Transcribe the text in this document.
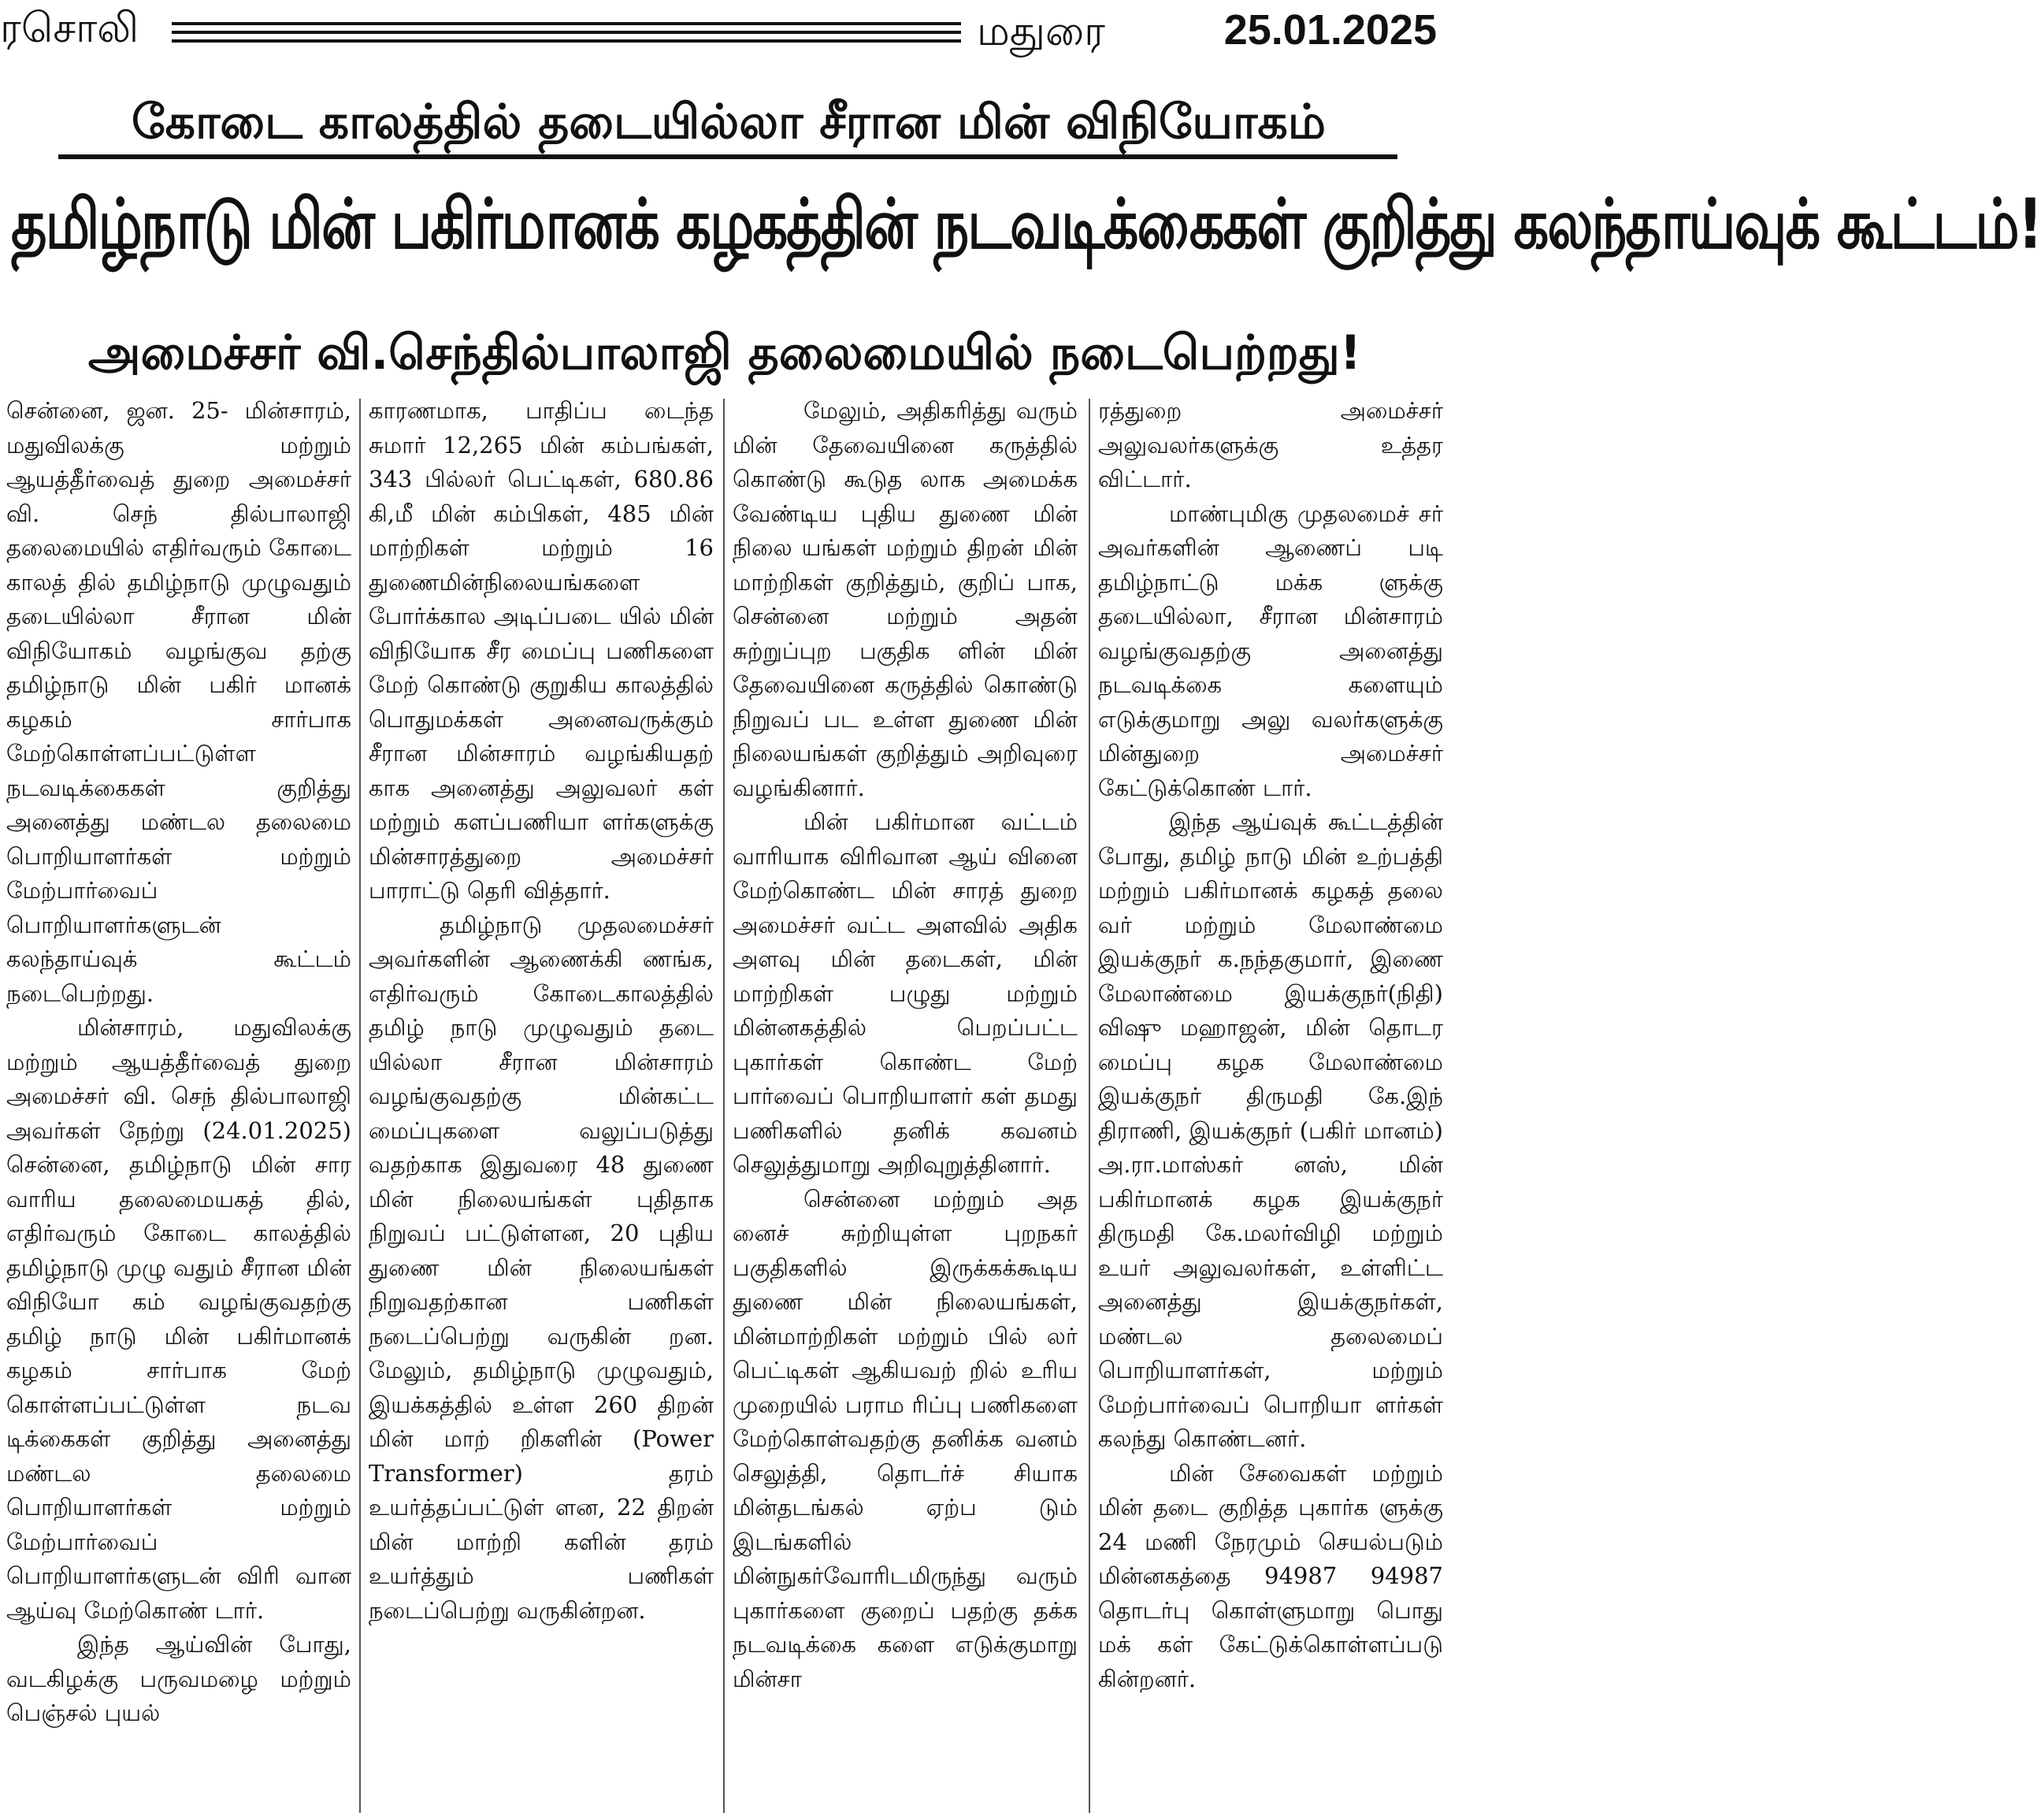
ரசொலி	மதுரை	25.01.2025
கோடை காலத்தில் தடையில்லா சீரான மின் விநியோகம்
தமிழ்நாடு மின் பகிர்மானக் கழகத்தின் நடவடிக்கைகள் குறித்து கலந்தாய்வுக் கூட்டம்!
அமைச்சர் வி.செந்தில்பாலாஜி தலைமையில் நடைபெற்றது!

சென்னை, ஜன. 25- மின்சாரம், மதுவிலக்கு மற்றும் ஆயத்தீர்வைத் துறை அமைச்சர் வி. செந் தில்பாலாஜி தலைமையில் எதிர்வரும் கோடை காலத் தில் தமிழ்நாடு முழுவதும் தடையில்லா சீரான மின் விநியோகம் வழங்குவ தற்கு தமிழ்நாடு மின் பகிர் மானக் கழகம் சார்பாக மேற்கொள்ளப்பட்டுள்ள நடவடிக்கைகள் குறித்து அனைத்து மண்டல தலைமை பொறியாளர்கள் மற்றும் மேற்பார்வைப் பொறியாளர்களுடன் கலந்தாய்வுக் கூட்டம் நடைபெற்றது.

மின்சாரம், மதுவிலக்கு மற்றும் ஆயத்தீர்வைத் துறை அமைச்சர் வி. செந் தில்பாலாஜி அவர்கள் நேற்று (24.01.2025) சென்னை, தமிழ்நாடு மின் சார வாரிய தலைமையகத் தில், எதிர்வரும் கோடை காலத்தில் தமிழ்நாடு முழு வதும் சீரான மின் விநியோ கம் வழங்குவதற்கு தமிழ் நாடு மின் பகிர்மானக் கழகம் சார்பாக மேற் கொள்ளப்பட்டுள்ள நடவ டிக்கைகள் குறித்து அனைத்து மண்டல தலைமை பொறியாளர்கள் மற்றும் மேற்பார்வைப் பொறியாளர்களுடன் விரி வான ஆய்வு மேற்கொண் டார்.

இந்த ஆய்வின் போது, வடகிழக்கு பருவமழை மற்றும் பெஞ்சல் புயல்

காரணமாக, பாதிப்ப டைந்த சுமார் 12,265 மின் கம்பங்கள், 343 பில்லர் பெட்டிகள், 680.86 கி,மீ மின் கம்பிகள், 485 மின் மாற்றிகள் மற்றும் 16 துணைமின்நிலையங்களை போர்க்கால அடிப்படை யில் மின் விநியோக சீர மைப்பு பணிகளை மேற் கொண்டு குறுகிய காலத்தில் பொதுமக்கள் அனைவருக்கும் சீரான மின்சாரம் வழங்கியதற் காக அனைத்து அலுவலர் கள் மற்றும் களப்பணியா ளர்களுக்கு மின்சாரத்துறை அமைச்சர் பாராட்டு தெரி வித்தார்.

தமிழ்நாடு முதலமைச்சர் அவர்களின் ஆணைக்கி ணங்க, எதிர்வரும் கோடைகாலத்தில் தமிழ் நாடு முழுவதும் தடை யில்லா சீரான மின்சாரம் வழங்குவதற்கு மின்கட்ட மைப்புகளை வலுப்படுத்து வதற்காக இதுவரை 48 துணை மின் நிலையங்கள் புதிதாக நிறுவப் பட்டுள்ளன, 20 புதிய துணை மின் நிலையங்கள் நிறுவதற்கான பணிகள் நடைப்பெற்று வருகின் றன. மேலும், தமிழ்நாடு முழுவதும், இயக்கத்தில் உள்ள 260 திறன் மின் மாற் றிகளின் (Power Transformer) தரம் உயர்த்தப்பட்டுள் ளன, 22 திறன் மின் மாற்றி களின் தரம் உயர்த்தும் பணிகள் நடைப்பெற்று வருகின்றன.

மேலும், அதிகரித்து வரும் மின் தேவையினை கருத்தில் கொண்டு கூடுத லாக அமைக்க வேண்டிய புதிய துணை மின் நிலை யங்கள் மற்றும் திறன் மின் மாற்றிகள் குறித்தும், குறிப் பாக, சென்னை மற்றும் அதன் சுற்றுப்புற பகுதிக ளின் மின் தேவையினை கருத்தில் கொண்டு நிறுவப் பட உள்ள துணை மின் நிலையங்கள் குறித்தும் அறிவுரை வழங்கினார்.

மின் பகிர்மான வட்டம் வாரியாக விரிவான ஆய் வினை மேற்கொண்ட மின் சாரத் துறை அமைச்சர் வட்ட அளவில் அதிக அளவு மின் தடைகள், மின் மாற்றிகள் பழுது மற்றும் மின்னகத்தில் பெறப்பட்ட புகார்கள் கொண்ட மேற் பார்வைப் பொறியாளர் கள் தமது பணிகளில் தனிக் கவனம் செலுத்துமாறு அறிவுறுத்தினார்.

சென்னை மற்றும் அத னைச் சுற்றியுள்ள புறநகர் பகுதிகளில் இருக்கக்கூடிய துணை மின் நிலையங்கள், மின்மாற்றிகள் மற்றும் பில் லர் பெட்டிகள் ஆகியவற் றில் உரிய முறையில் பராம ரிப்பு பணிகளை மேற்கொள்வதற்கு தனிக்க வனம் செலுத்தி, தொடர்ச் சியாக மின்தடங்கல் ஏற்ப டும் இடங்களில் மின்நுகர்வோரிடமிருந்து வரும் புகார்களை குறைப் பதற்கு தக்க நடவடிக்கை களை எடுக்குமாறு மின்சா

ரத்துறை அமைச்சர் அலுவலர்களுக்கு உத்தர விட்டார்.

மாண்புமிகு முதலமைச் சர் அவர்களின் ஆணைப் படி தமிழ்நாட்டு மக்க ளுக்கு தடையில்லா, சீரான மின்சாரம் வழங்குவதற்கு அனைத்து நடவடிக்கை களையும் எடுக்குமாறு அலு வலர்களுக்கு மின்துறை அமைச்சர் கேட்டுக்கொண் டார்.

இந்த ஆய்வுக் கூட்டத்தின் போது, தமிழ் நாடு மின் உற்பத்தி மற்றும் பகிர்மானக் கழகத் தலை வர் மற்றும் மேலாண்மை இயக்குநர் க.நந்தகுமார், இணை மேலாண்மை இயக்குநர்(நிதி) விஷு மஹாஜன், மின் தொடர மைப்பு கழக மேலாண்மை இயக்குநர் திருமதி கே.இந் திராணி, இயக்குநர் (பகிர் மானம்) அ.ரா.மாஸ்கர் னஸ், மின் பகிர்மானக் கழக இயக்குநர் திருமதி கே.மலர்விழி மற்றும் உயர் அலுவலர்கள், உள்ளிட்ட அனைத்து இயக்குநர்கள், மண்டல தலைமைப் பொறியாளர்கள், மற்றும் மேற்பார்வைப் பொறியா ளர்கள் கலந்து கொண்டனர்.

மின் சேவைகள் மற்றும் மின் தடை குறித்த புகார்க ளுக்கு 24 மணி நேரமும் செயல்படும் மின்னகத்தை 94987 94987 தொடர்பு கொள்ளுமாறு பொது மக் கள் கேட்டுக்கொள்ளப்படு கின்றனர்.
